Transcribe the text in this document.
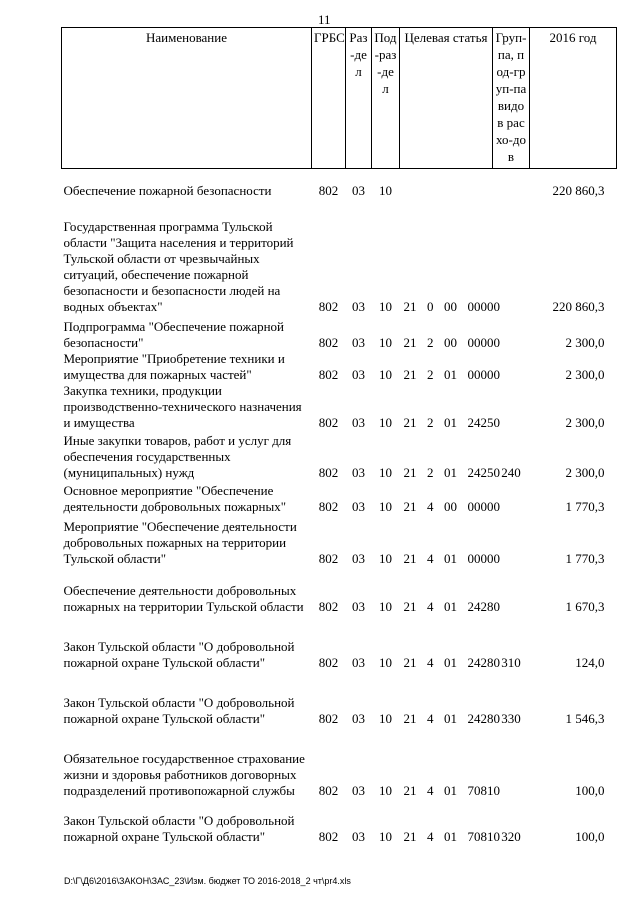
11
Наименование	ГРБС	Раз-дел	Под-раз-дел	Целевая статья	Груп-па, под-груп-па видов расхо-дов	2016 год
Обеспечение пожарной безопасности	802	03	10			220 860,3
Государственная программа Тульской области "Защита населения и территорий Тульской области от чрезвычайных ситуаций, обеспечение пожарной безопасности и безопасности людей на водных объектах"	802	03	10	21  0  00  00000		220 860,3
Подпрограмма "Обеспечение пожарной безопасности"	802	03	10	21  2  00  00000		2 300,0
Мероприятие "Приобретение техники и имущества для пожарных частей"	802	03	10	21  2  01  00000		2 300,0
Закупка техники, продукции производственно-технического назначения и имущества	802	03	10	21  2  01  24250		2 300,0
Иные закупки товаров, работ и услуг для обеспечения государственных (муниципальных) нужд	802	03	10	21  2  01  24250	240	2 300,0
Основное мероприятие "Обеспечение деятельности добровольных пожарных"	802	03	10	21  4  00  00000		1 770,3
Мероприятие "Обеспечение деятельности добровольных пожарных на территории Тульской области"	802	03	10	21  4  01  00000		1 770,3
Обеспечение деятельности добровольных пожарных на территории Тульской области	802	03	10	21  4  01  24280		1 670,3
Закон Тульской области "О добровольной пожарной охране Тульской области"	802	03	10	21  4  01  24280	310	124,0
Закон Тульской области "О добровольной пожарной охране Тульской области"	802	03	10	21  4  01  24280	330	1 546,3
Обязательное государственное страхование жизни и здоровья работников договорных подразделений противопожарной службы	802	03	10	21  4  01  70810		100,0
Закон Тульской области "О добровольной пожарной охране Тульской области"	802	03	10	21  4  01  70810	320	100,0
D:\Г\Д6\2016\ЗАКОН\ЗАС_23\Изм. бюджет ТО 2016-2018_2 чт\pr4.xls
